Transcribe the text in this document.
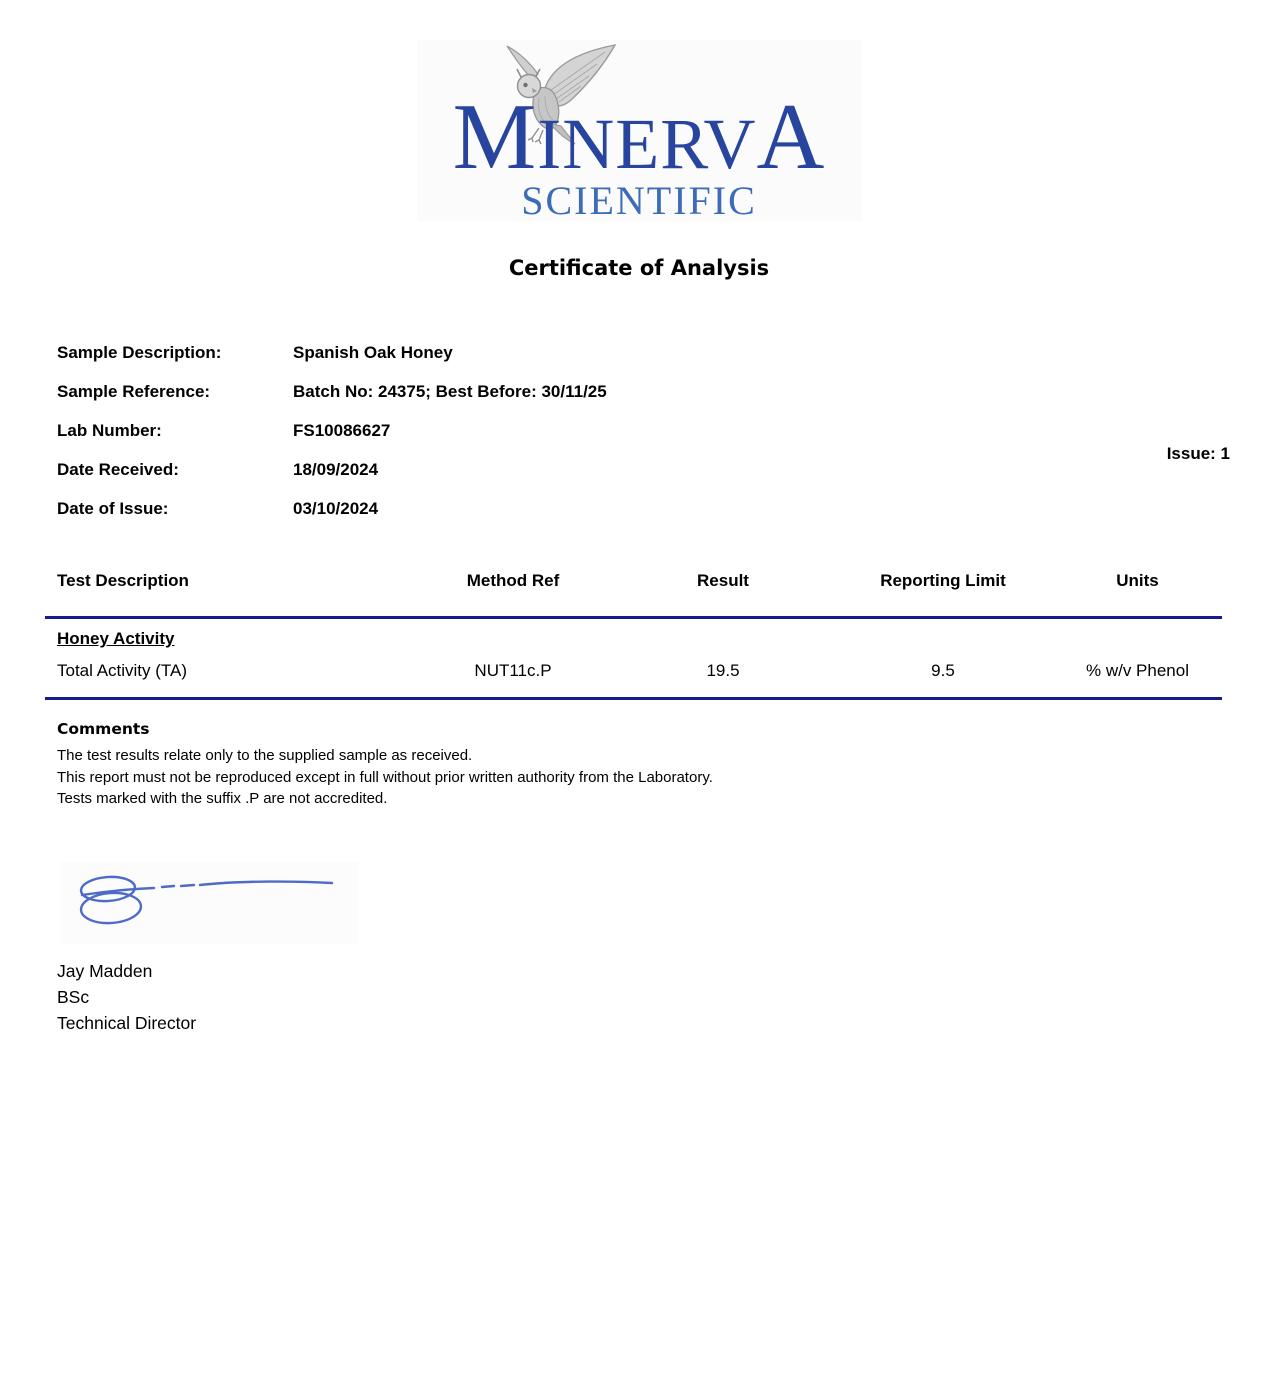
MINERVA
SCIENTIFIC
Certificate of Analysis
Sample Description:	Spanish Oak Honey
Sample Reference:	Batch No: 24375; Best Before: 30/11/25
Lab Number:	FS10086627
Date Received:	18/09/2024
Date of Issue:	03/10/2024
Issue: 1
Test Description	Method Ref	Result	Reporting Limit	Units
Honey Activity
Total Activity (TA)	NUT11c.P	19.5	9.5	% w/v Phenol
Comments
The test results relate only to the supplied sample as received.
This report must not be reproduced except in full without prior written authority from the Laboratory.
Tests marked with the suffix .P are not accredited.
Jay Madden
BSc
Technical Director
